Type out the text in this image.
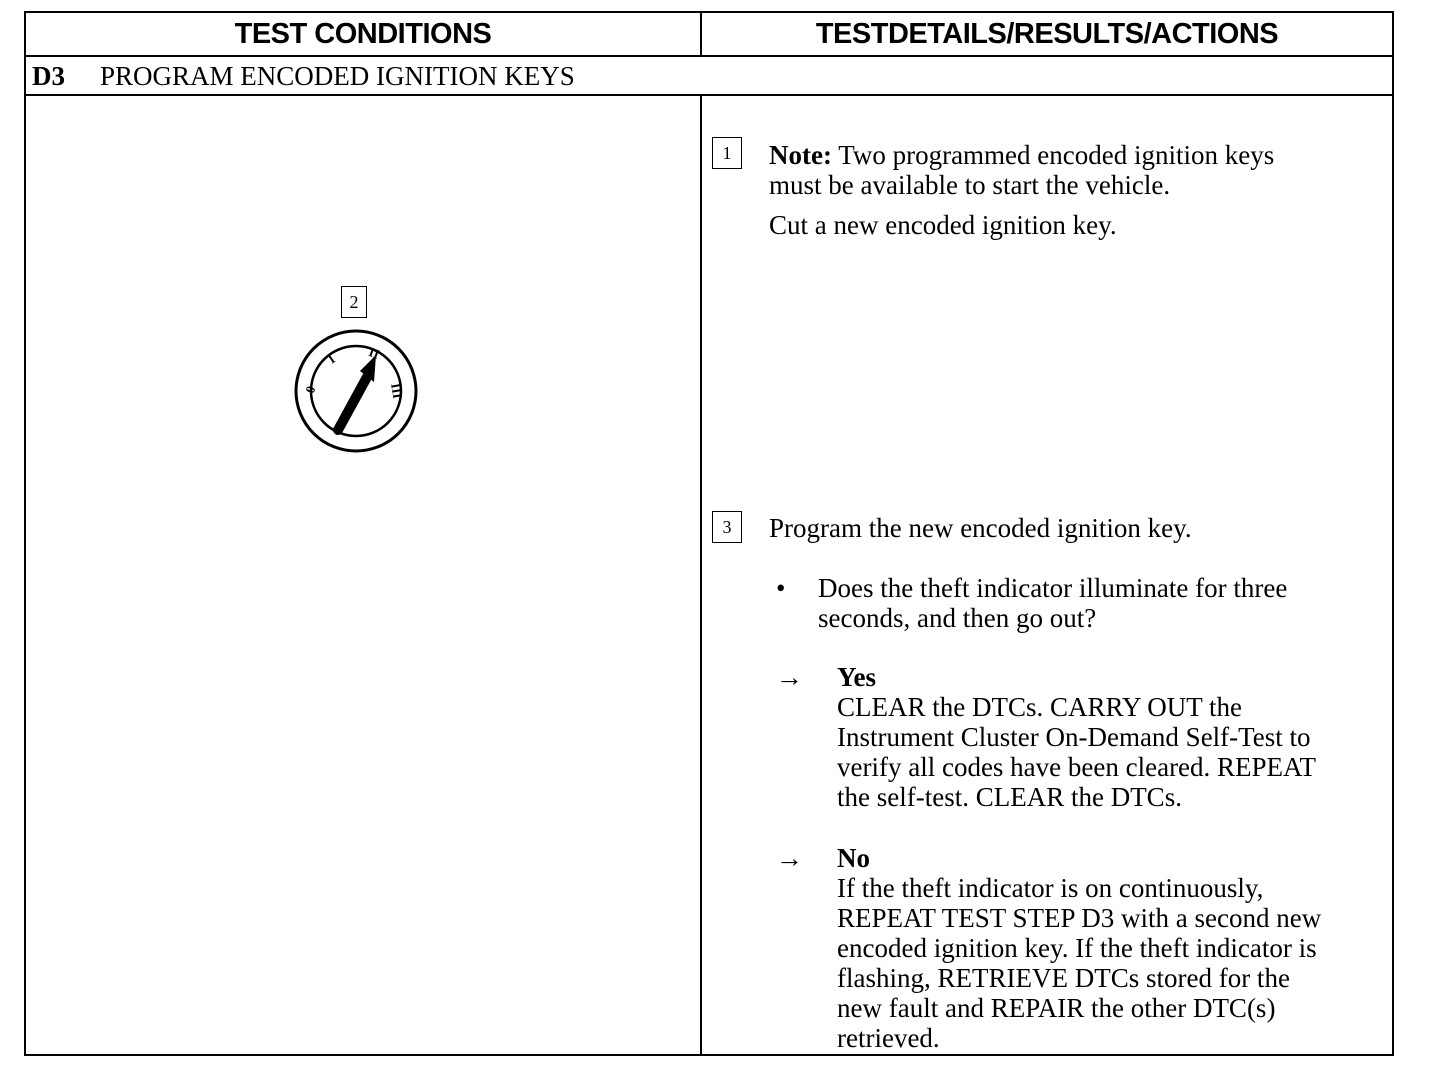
TEST CONDITIONS	TESTDETAILS/RESULTS/ACTIONS
D3 PROGRAM ENCODED IGNITION KEYS
2
0
I II
III
1	Note: Two programmed encoded ignition keys
must be available to start the vehicle.
Cut a new encoded ignition key.
3	Program the new encoded ignition key.
• Does the theft indicator illuminate for three
seconds, and then go out?
→ Yes
CLEAR the DTCs. CARRY OUT the
Instrument Cluster On-Demand Self-Test to
verify all codes have been cleared. REPEAT
the self-test. CLEAR the DTCs.
→ No
If the theft indicator is on continuously,
REPEAT TEST STEP D3 with a second new
encoded ignition key. If the theft indicator is
flashing, RETRIEVE DTCs stored for the
new fault and REPAIR the other DTC(s)
retrieved.
